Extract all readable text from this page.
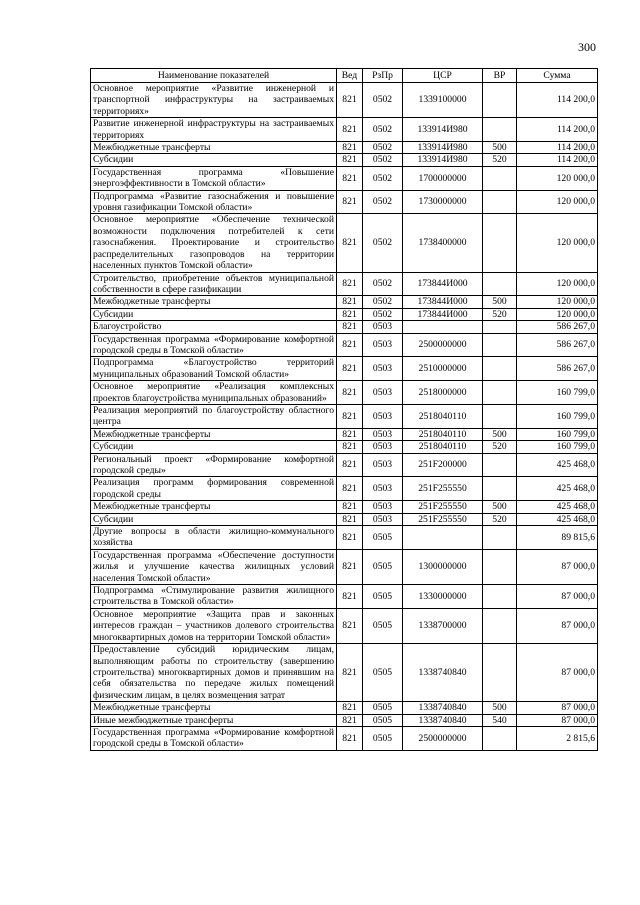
300
Наименование показателей	Вед	РзПр	ЦСР	ВР	Сумма
Основное мероприятие «Развитие инженерной и транспортной инфраструктуры на застраиваемых территориях»	821	0502	1339100000		114 200,0
Развитие инженерной инфраструктуры на застраиваемых территориях	821	0502	133914И980		114 200,0
Межбюджетные трансферты	821	0502	133914И980	500	114 200,0
Субсидии	821	0502	133914И980	520	114 200,0
Государственная программа «Повышение энергоэффективности в Томской области»	821	0502	1700000000		120 000,0
Подпрограмма «Развитие газоснабжения и повышение уровня газификации Томской области»	821	0502	1730000000		120 000,0
Основное мероприятие «Обеспечение технической возможности подключения потребителей к сети газоснабжения. Проектирование и строительство распределительных газопроводов на территории населенных пунктов Томской области»	821	0502	1738400000		120 000,0
Строительство, приобретение объектов муниципальной собственности в сфере газификации	821	0502	173844И000		120 000,0
Межбюджетные трансферты	821	0502	173844И000	500	120 000,0
Субсидии	821	0502	173844И000	520	120 000,0
Благоустройство	821	0503			586 267,0
Государственная программа «Формирование комфортной городской среды в Томской области»	821	0503	2500000000		586 267,0
Подпрограмма «Благоустройство территорий муниципальных образований Томской области»	821	0503	2510000000		586 267,0
Основное мероприятие «Реализация комплексных проектов благоустройства муниципальных образований»	821	0503	2518000000		160 799,0
Реализация мероприятий по благоустройству областного центра	821	0503	2518040110		160 799,0
Межбюджетные трансферты	821	0503	2518040110	500	160 799,0
Субсидии	821	0503	2518040110	520	160 799,0
Региональный проект «Формирование комфортной городской среды»	821	0503	251F200000		425 468,0
Реализация программ формирования современной городской среды	821	0503	251F255550		425 468,0
Межбюджетные трансферты	821	0503	251F255550	500	425 468,0
Субсидии	821	0503	251F255550	520	425 468,0
Другие вопросы в области жилищно-коммунального хозяйства	821	0505			89 815,6
Государственная программа «Обеспечение доступности жилья и улучшение качества жилищных условий населения Томской области»	821	0505	1300000000		87 000,0
Подпрограмма «Стимулирование развития жилищного строительства в Томской области»	821	0505	1330000000		87 000,0
Основное мероприятие «Защита прав и законных интересов граждан – участников долевого строительства многоквартирных домов на территории Томской области»	821	0505	1338700000		87 000,0
Предоставление субсидий юридическим лицам, выполняющим работы по строительству (завершению строительства) многоквартирных домов и принявшим на себя обязательства по передаче жилых помещений физическим лицам, в целях возмещения затрат	821	0505	1338740840		87 000,0
Межбюджетные трансферты	821	0505	1338740840	500	87 000,0
Иные межбюджетные трансферты	821	0505	1338740840	540	87 000,0
Государственная программа «Формирование комфортной городской среды в Томской области»	821	0505	2500000000		2 815,6
